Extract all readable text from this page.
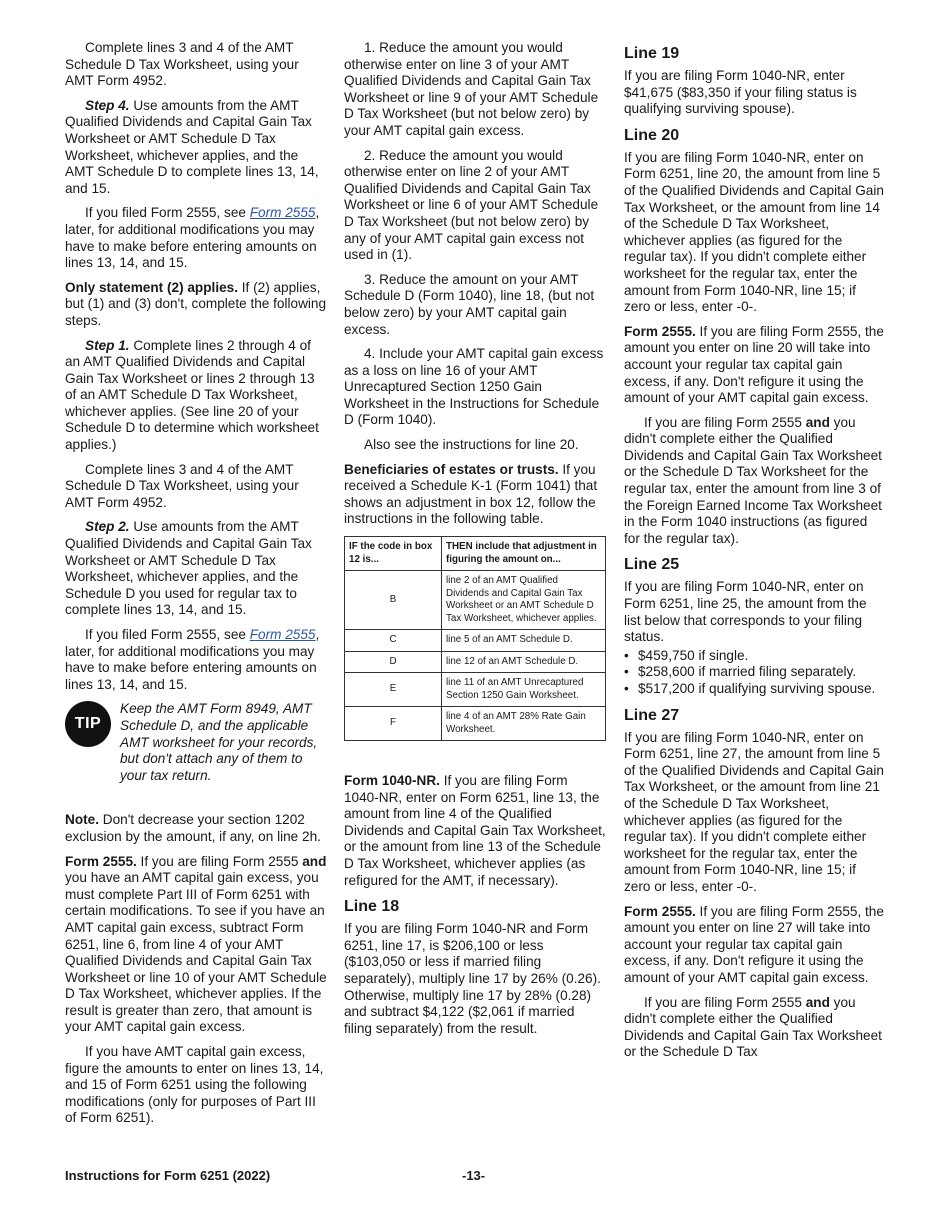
Complete lines 3 and 4 of the AMT Schedule D Tax Worksheet, using your AMT Form 4952.

Step 4. Use amounts from the AMT Qualified Dividends and Capital Gain Tax Worksheet or AMT Schedule D Tax Worksheet, whichever applies, and the AMT Schedule D to complete lines 13, 14, and 15.

If you filed Form 2555, see Form 2555, later, for additional modifications you may have to make before entering amounts on lines 13, 14, and 15.

Only statement (2) applies. If (2) applies, but (1) and (3) don't, complete the following steps.

Step 1. Complete lines 2 through 4 of an AMT Qualified Dividends and Capital Gain Tax Worksheet or lines 2 through 13 of an AMT Schedule D Tax Worksheet, whichever applies. (See line 20 of your Schedule D to determine which worksheet applies.)

Complete lines 3 and 4 of the AMT Schedule D Tax Worksheet, using your AMT Form 4952.

Step 2. Use amounts from the AMT Qualified Dividends and Capital Gain Tax Worksheet or AMT Schedule D Tax Worksheet, whichever applies, and the Schedule D you used for regular tax to complete lines 13, 14, and 15.

If you filed Form 2555, see Form 2555, later, for additional modifications you may have to make before entering amounts on lines 13, 14, and 15.

TIP
Keep the AMT Form 8949, AMT Schedule D, and the applicable AMT worksheet for your records, but don't attach any of them to your tax return.

Note. Don't decrease your section 1202 exclusion by the amount, if any, on line 2h.

Form 2555. If you are filing Form 2555 and you have an AMT capital gain excess, you must complete Part III of Form 6251 with certain modifications. To see if you have an AMT capital gain excess, subtract Form 6251, line 6, from line 4 of your AMT Qualified Dividends and Capital Gain Tax Worksheet or line 10 of your AMT Schedule D Tax Worksheet, whichever applies. If the result is greater than zero, that amount is your AMT capital gain excess.

If you have AMT capital gain excess, figure the amounts to enter on lines 13, 14, and 15 of Form 6251 using the following modifications (only for purposes of Part III of Form 6251).

1. Reduce the amount you would otherwise enter on line 3 of your AMT Qualified Dividends and Capital Gain Tax Worksheet or line 9 of your AMT Schedule D Tax Worksheet (but not below zero) by your AMT capital gain excess.

2. Reduce the amount you would otherwise enter on line 2 of your AMT Qualified Dividends and Capital Gain Tax Worksheet or line 6 of your AMT Schedule D Tax Worksheet (but not below zero) by any of your AMT capital gain excess not used in (1).

3. Reduce the amount on your AMT Schedule D (Form 1040), line 18, (but not below zero) by your AMT capital gain excess.

4. Include your AMT capital gain excess as a loss on line 16 of your AMT Unrecaptured Section 1250 Gain Worksheet in the Instructions for Schedule D (Form 1040).

Also see the instructions for line 20.

Beneficiaries of estates or trusts. If you received a Schedule K-1 (Form 1041) that shows an adjustment in box 12, follow the instructions in the following table.

IF the code in box 12 is...	THEN include that adjustment in figuring the amount on...
B	line 2 of an AMT Qualified Dividends and Capital Gain Tax Worksheet or an AMT Schedule D Tax Worksheet, whichever applies.
C	line 5 of an AMT Schedule D.
D	line 12 of an AMT Schedule D.
E	line 11 of an AMT Unrecaptured Section 1250 Gain Worksheet.
F	line 4 of an AMT 28% Rate Gain Worksheet.

Form 1040-NR. If you are filing Form 1040-NR, enter on Form 6251, line 13, the amount from line 4 of the Qualified Dividends and Capital Gain Tax Worksheet, or the amount from line 13 of the Schedule D Tax Worksheet, whichever applies (as refigured for the AMT, if necessary).

Line 18

If you are filing Form 1040-NR and Form 6251, line 17, is $206,100 or less ($103,050 or less if married filing separately), multiply line 17 by 26% (0.26). Otherwise, multiply line 17 by 28% (0.28) and subtract $4,122 ($2,061 if married filing separately) from the result.

Line 19

If you are filing Form 1040-NR, enter $41,675 ($83,350 if your filing status is qualifying surviving spouse).

Line 20

If you are filing Form 1040-NR, enter on Form 6251, line 20, the amount from line 5 of the Qualified Dividends and Capital Gain Tax Worksheet, or the amount from line 14 of the Schedule D Tax Worksheet, whichever applies (as figured for the regular tax). If you didn't complete either worksheet for the regular tax, enter the amount from Form 1040-NR, line 15; if zero or less, enter -0-.

Form 2555. If you are filing Form 2555, the amount you enter on line 20 will take into account your regular tax capital gain excess, if any. Don't refigure it using the amount of your AMT capital gain excess.

If you are filing Form 2555 and you didn't complete either the Qualified Dividends and Capital Gain Tax Worksheet or the Schedule D Tax Worksheet for the regular tax, enter the amount from line 3 of the Foreign Earned Income Tax Worksheet in the Form 1040 instructions (as figured for the regular tax).

Line 25

If you are filing Form 1040-NR, enter on Form 6251, line 25, the amount from the list below that corresponds to your filing status.

• $459,750 if single.
• $258,600 if married filing separately.
• $517,200 if qualifying surviving spouse.
Line 27

If you are filing Form 1040-NR, enter on Form 6251, line 27, the amount from line 5 of the Qualified Dividends and Capital Gain Tax Worksheet, or the amount from line 21 of the Schedule D Tax Worksheet, whichever applies (as figured for the regular tax). If you didn't complete either worksheet for the regular tax, enter the amount from Form 1040-NR, line 15; if zero or less, enter -0-.

Form 2555. If you are filing Form 2555, the amount you enter on line 27 will take into account your regular tax capital gain excess, if any. Don't refigure it using the amount of your AMT capital gain excess.

If you are filing Form 2555 and you didn't complete either the Qualified Dividends and Capital Gain Tax Worksheet or the Schedule D Tax

Instructions for Form 6251 (2022)	-13-
